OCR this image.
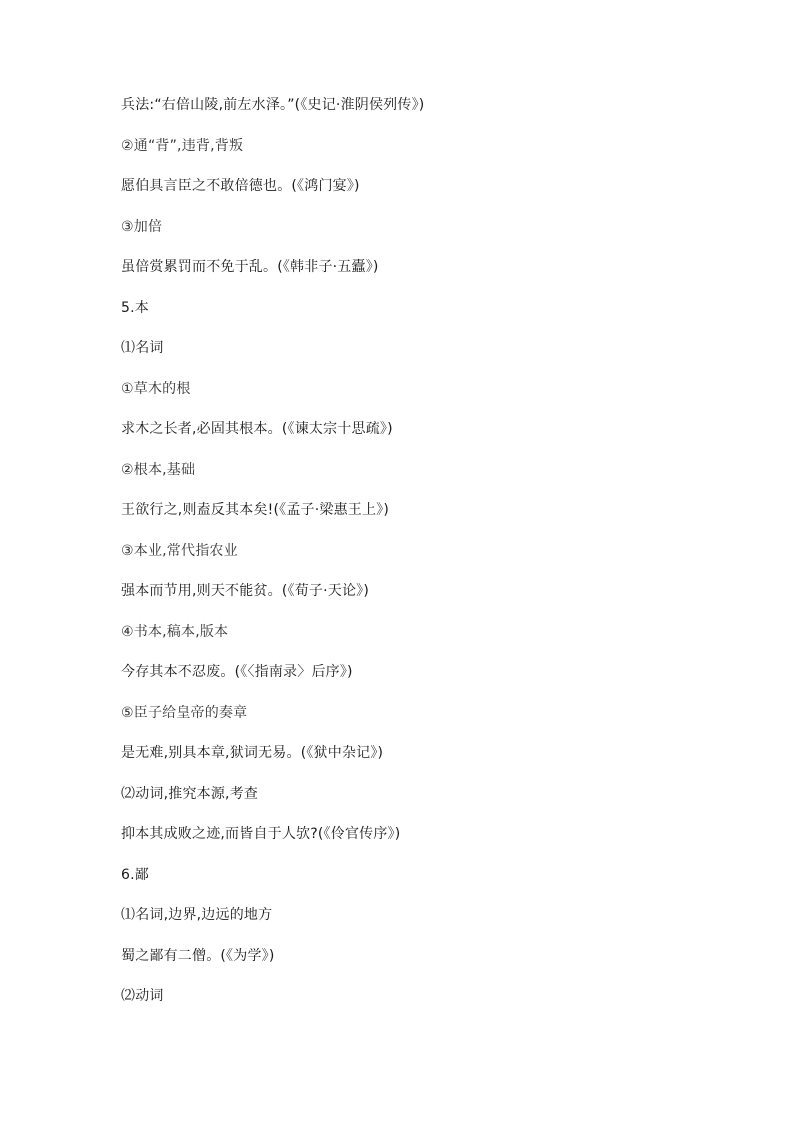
兵法:“右倍山陵,前左水泽。”(《史记·淮阴侯列传》)
②通“背”,违背,背叛
愿伯具言臣之不敢倍德也。(《鸿门宴》)
③加倍
虽倍赏累罚而不免于乱。(《韩非子·五蠹》)
5.本
⑴名词
①草木的根
求木之长者,必固其根本。(《谏太宗十思疏》)
②根本,基础
王欲行之,则盍反其本矣!(《孟子·梁惠王上》)
③本业,常代指农业
强本而节用,则天不能贫。(《荀子·天论》)
④书本,稿本,版本
今存其本不忍废。(《〈指南录〉后序》)
⑤臣子给皇帝的奏章
是无难,别具本章,狱词无易。(《狱中杂记》)
⑵动词,推究本源,考查
抑本其成败之迹,而皆自于人欤?(《伶官传序》)
6.鄙
⑴名词,边界,边远的地方
蜀之鄙有二僧。(《为学》)
⑵动词
